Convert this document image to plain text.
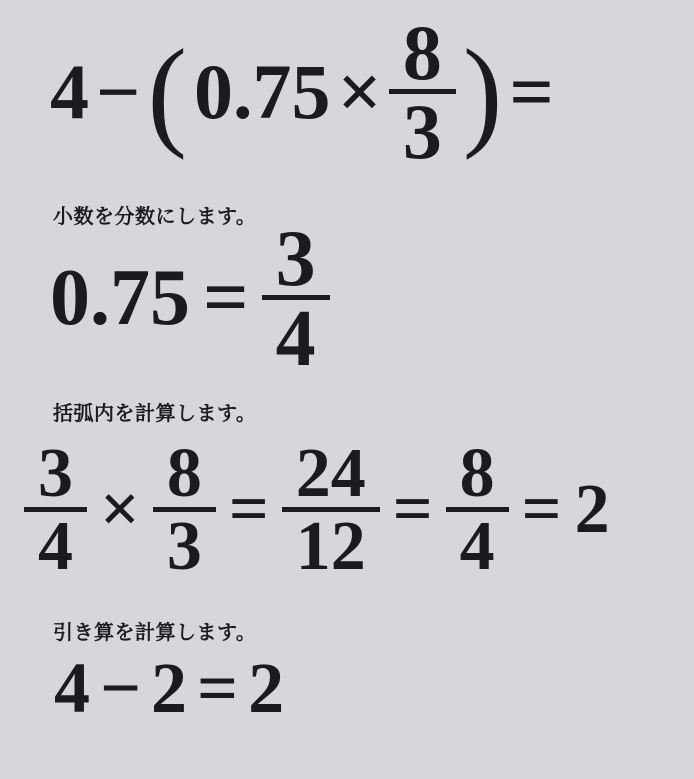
4 − ( $0.75 \times \frac{8}{3}$ ) =
小数を分数にします。
$0.75 = \frac{3}{4}$
括弧内を計算します。
$\frac{3}{4} \times \frac{8}{3} = \frac{24}{12} = \frac{8}{4} = 2$
引き算を計算します。
4 − 2 = 2
